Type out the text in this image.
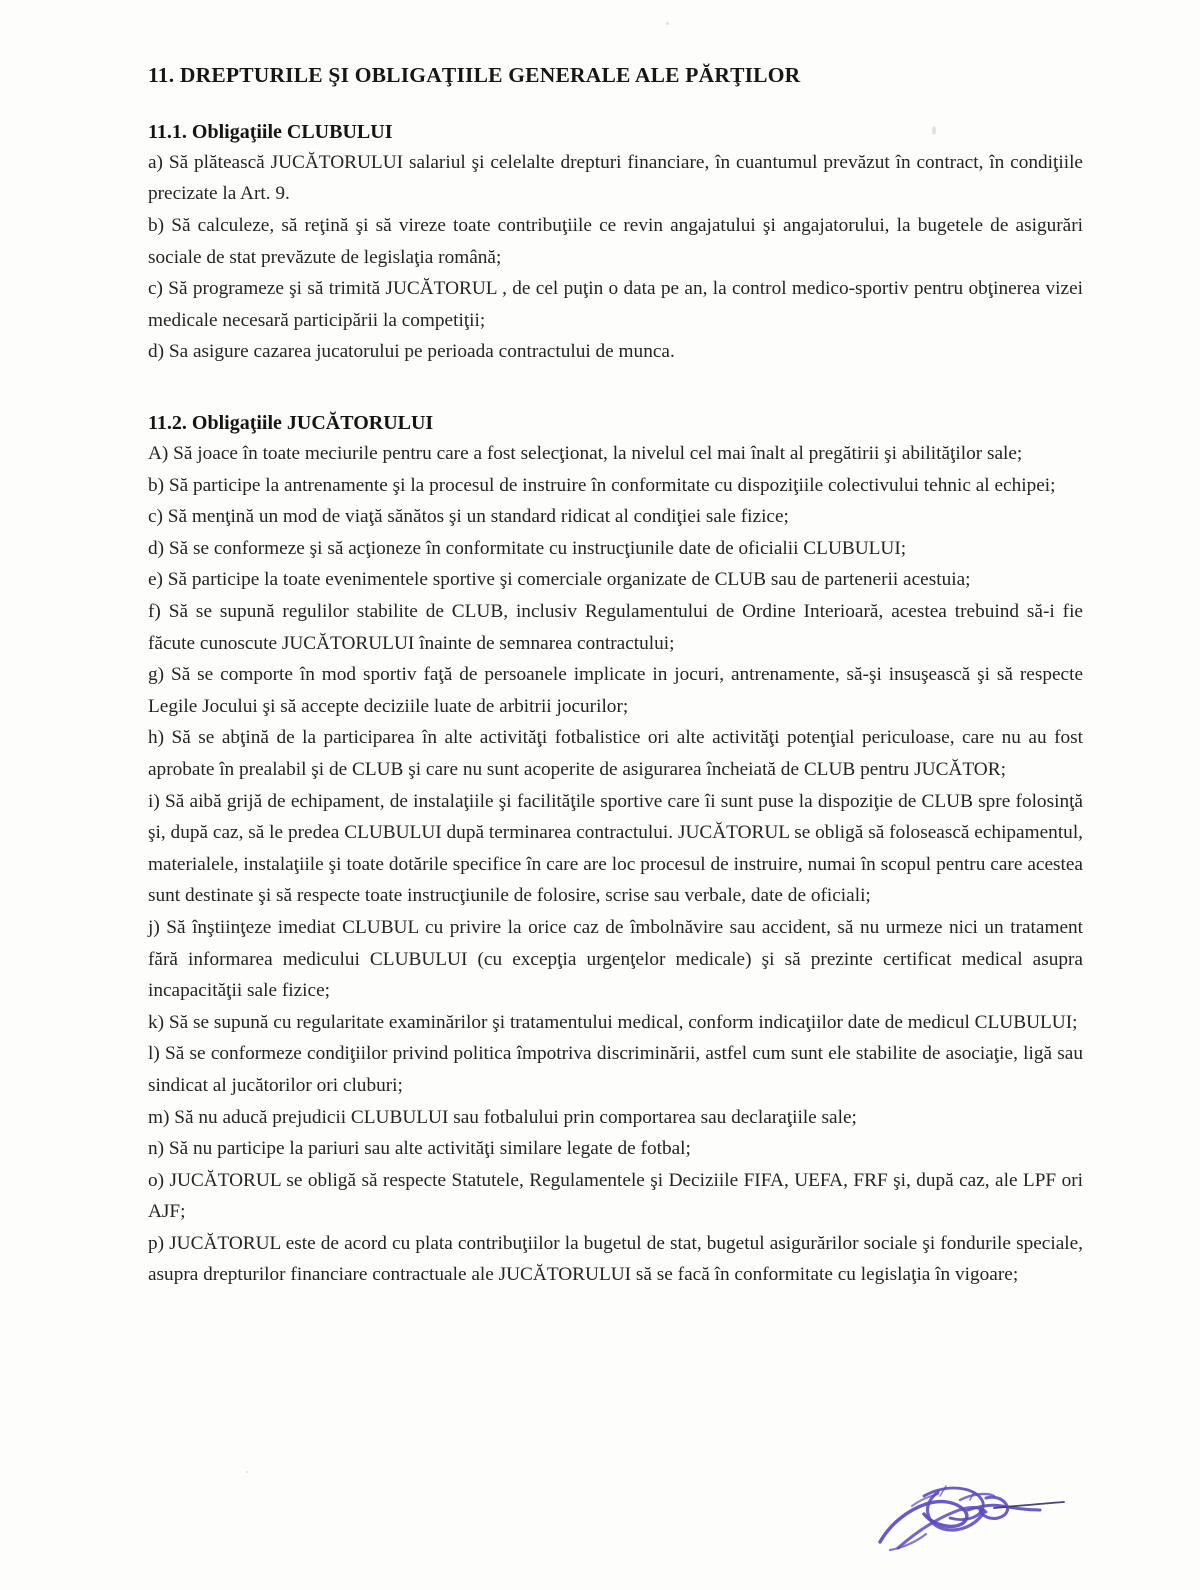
11. DREPTURILE ŞI OBLIGAŢIILE GENERALE ALE PĂRŢILOR
11.1. Obligaţiile CLUBULUI

a) Să plătească JUCĂTORULUI salariul şi celelalte drepturi financiare, în cuantumul prevăzut în contract, în condiţiile precizate la Art. 9.

b) Să calculeze, să reţină şi să vireze toate contribuţiile ce revin angajatului şi angajatorului, la bugetele de asigurări sociale de stat prevăzute de legislaţia română;

c) Să programeze şi să trimită JUCĂTORUL , de cel puţin o data pe an, la control medico-sportiv pentru obţinerea vizei medicale necesară participării la competiţii;

d) Sa asigure cazarea jucatorului pe perioada contractului de munca.

11.2. Obligaţiile JUCĂTORULUI

A) Să joace în toate meciurile pentru care a fost selecţionat, la nivelul cel mai înalt al pregătirii şi abilităţilor sale;

b) Să participe la antrenamente şi la procesul de instruire în conformitate cu dispoziţiile colectivului tehnic al echipei;

c) Să menţină un mod de viaţă sănătos şi un standard ridicat al condiţiei sale fizice;

d) Să se conformeze şi să acţioneze în conformitate cu instrucţiunile date de oficialii CLUBULUI;

e) Să participe la toate evenimentele sportive şi comerciale organizate de CLUB sau de partenerii acestuia;

f) Să se supună regulilor stabilite de CLUB, inclusiv Regulamentului de Ordine Interioară, acestea trebuind să-i fie făcute cunoscute JUCĂTORULUI înainte de semnarea contractului;

g) Să se comporte în mod sportiv faţă de persoanele implicate in jocuri, antrenamente, să-şi insuşească şi să respecte Legile Jocului şi să accepte deciziile luate de arbitrii jocurilor;

h) Să se abţină de la participarea în alte activităţi fotbalistice ori alte activităţi potenţial periculoase, care nu au fost aprobate în prealabil şi de CLUB şi care nu sunt acoperite de asigurarea încheiată de CLUB pentru JUCĂTOR;

i) Să aibă grijă de echipament, de instalaţiile şi facilităţile sportive care îi sunt puse la dispoziţie de CLUB spre folosinţă şi, după caz, să le predea CLUBULUI după terminarea contractului. JUCĂTORUL se obligă să folosească echipamentul, materialele, instalaţiile şi toate dotările specifice în care are loc procesul de instruire, numai în scopul pentru care acestea sunt destinate şi să respecte toate instrucţiunile de folosire, scrise sau verbale, date de oficiali;

j) Să înştiinţeze imediat CLUBUL cu privire la orice caz de îmbolnăvire sau accident, să nu urmeze nici un tratament fără informarea medicului CLUBULUI (cu excepţia urgenţelor medicale) şi să prezinte certificat medical asupra incapacităţii sale fizice;

k) Să se supună cu regularitate examinărilor şi tratamentului medical, conform indicaţiilor date de medicul CLUBULUI;

l) Să se conformeze condiţiilor privind politica împotriva discriminării, astfel cum sunt ele stabilite de asociaţie, ligă sau sindicat al jucătorilor ori cluburi;

m) Să nu aducă prejudicii CLUBULUI sau fotbalului prin comportarea sau declaraţiile sale;

n) Să nu participe la pariuri sau alte activităţi similare legate de fotbal;

o) JUCĂTORUL se obligă să respecte Statutele, Regulamentele şi Deciziile FIFA, UEFA, FRF şi, după caz, ale LPF ori AJF;

p) JUCĂTORUL este de acord cu plata contribuţiilor la bugetul de stat, bugetul asigurărilor sociale şi fondurile speciale, asupra drepturilor financiare contractuale ale JUCĂTORULUI să se facă în conformitate cu legislaţia în vigoare;
